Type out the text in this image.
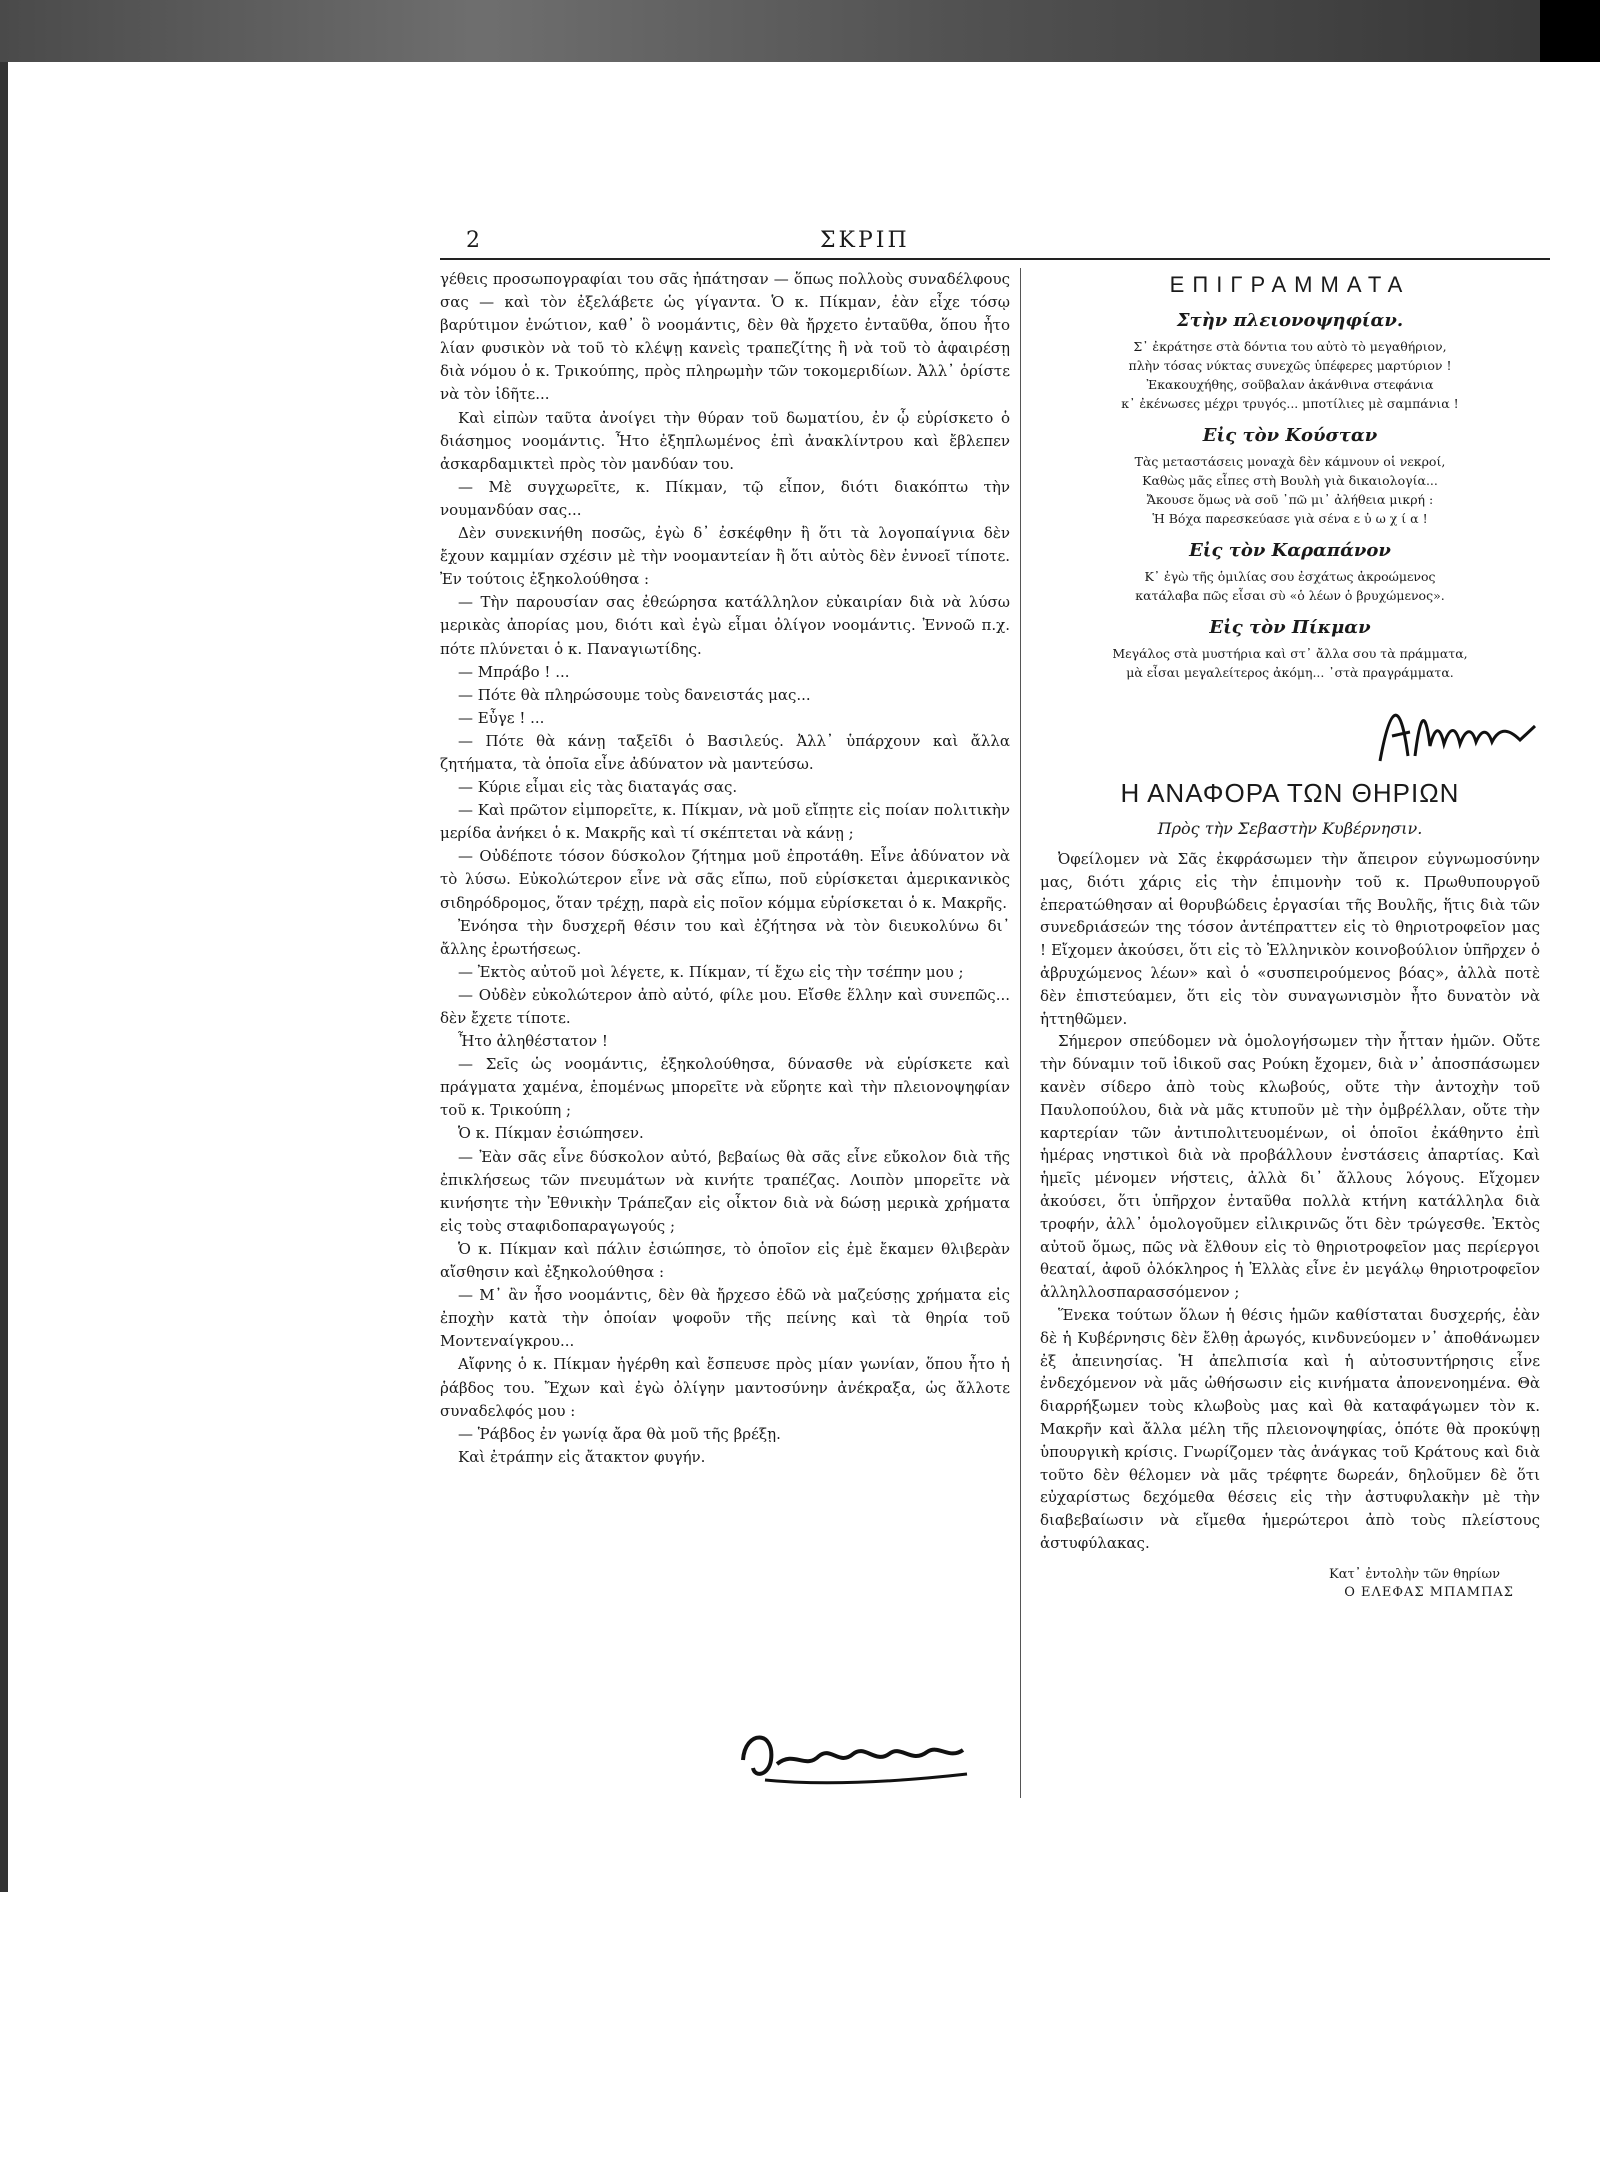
2	ΣΚΡΙΠ

γέθεις προσωπογραφίαι του σᾶς ἠπάτησαν — ὅπως πολλοὺς συναδέλφους σας — καὶ τὸν ἐξελάβετε ὡς γίγαντα. Ὁ κ. Πίκμαν, ἐὰν εἶχε τόσῳ βαρύτιμον ἐνώτιον, καθ᾿ ὃ νοομάντις, δὲν θὰ ἤρχετο ἐνταῦθα, ὅπου ἦτο λίαν φυσικὸν νὰ τοῦ τὸ κλέψῃ κανεὶς τραπεζίτης ἢ νὰ τοῦ τὸ ἀφαιρέσῃ διὰ νόμου ὁ κ. Τρικούπης, πρὸς πληρωμὴν τῶν τοκομεριδίων. Ἀλλ᾿ ὁρίστε νὰ τὸν ἰδῆτε...

Καὶ εἰπὼν ταῦτα ἀνοίγει τὴν θύραν τοῦ δωματίου, ἐν ᾧ εὑρίσκετο ὁ διάσημος νοομάντις. Ἦτο ἐξηπλωμένος ἐπὶ ἀνακλίντρου καὶ ἔβλεπεν ἀσκαρδαμικτεὶ πρὸς τὸν μανδύαν του.

— Μὲ συγχωρεῖτε, κ. Πίκμαν, τῷ εἶπον, διότι διακόπτω τὴν νουμανδύαν σας...

Δὲν συνεκινήθη ποσῶς, ἐγὼ δ᾿ ἐσκέφθην ἢ ὅτι τὰ λογοπαίγνια δὲν ἔχουν καμμίαν σχέσιν μὲ τὴν νοομαντείαν ἢ ὅτι αὐτὸς δὲν ἐννοεῖ τίποτε. Ἐν τούτοις ἐξηκολούθησα :

— Τὴν παρουσίαν σας ἐθεώρησα κατάλληλον εὐκαιρίαν διὰ νὰ λύσω μερικὰς ἀπορίας μου, διότι καὶ ἐγὼ εἶμαι ὀλίγον νοομάντις. Ἐννοῶ π.χ. πότε πλύνεται ὁ κ. Παναγιωτίδης.

— Μπράβο ! ...

— Πότε θὰ πληρώσουμε τοὺς δανειστάς μας...

— Εὖγε ! ...

— Πότε θὰ κάνῃ ταξεῖδι ὁ Βασιλεύς. Ἀλλ᾿ ὑπάρχουν καὶ ἄλλα ζητήματα, τὰ ὁποῖα εἶνε ἀδύνατον νὰ μαντεύσω.

— Κύριε εἶμαι εἰς τὰς διαταγάς σας.

— Καὶ πρῶτον εἰμπορεῖτε, κ. Πίκμαν, νὰ μοῦ εἴπῃτε εἰς ποίαν πολιτικὴν μερίδα ἀνήκει ὁ κ. Μακρῆς καὶ τί σκέπτεται νὰ κάνῃ ;

— Οὐδέποτε τόσον δύσκολον ζήτημα μοῦ ἐπροτάθη. Εἶνε ἀδύνατον νὰ τὸ λύσω. Εὐκολώτερον εἶνε νὰ σᾶς εἴπω, ποῦ εὑρίσκεται ἀμερικανικὸς σιδηρόδρομος, ὅταν τρέχῃ, παρὰ εἰς ποῖον κόμμα εὑρίσκεται ὁ κ. Μακρῆς.

Ἐνόησα τὴν δυσχερῆ θέσιν του καὶ ἐζήτησα νὰ τὸν διευκολύνω δι᾿ ἄλλης ἐρωτήσεως.

— Ἐκτὸς αὐτοῦ μοὶ λέγετε, κ. Πίκμαν, τί ἔχω εἰς τὴν τσέπην μου ;

— Οὐδὲν εὐκολώτερον ἀπὸ αὐτό, φίλε μου. Εἴσθε ἕλλην καὶ συνεπῶς... δὲν ἔχετε τίποτε.

Ἦτο ἀληθέστατον !

— Σεῖς ὡς νοομάντις, ἐξηκολούθησα, δύνασθε νὰ εὑρίσκετε καὶ πράγματα χαμένα, ἑπομένως μπορεῖτε νὰ εὕρητε καὶ τὴν πλειονοψηφίαν τοῦ κ. Τρικούπη ;

Ὁ κ. Πίκμαν ἐσιώπησεν.

— Ἐὰν σᾶς εἶνε δύσκολον αὐτό, βεβαίως θὰ σᾶς εἶνε εὔκολον διὰ τῆς ἐπικλήσεως τῶν πνευμάτων νὰ κινήτε τραπέζας. Λοιπὸν μπορεῖτε νὰ κινήσητε τὴν Ἐθνικὴν Τράπεζαν εἰς οἶκτον διὰ νὰ δώσῃ μερικὰ χρήματα εἰς τοὺς σταφιδοπαραγωγούς ;

Ὁ κ. Πίκμαν καὶ πάλιν ἐσιώπησε, τὸ ὁποῖον εἰς ἐμὲ ἔκαμεν θλιβερὰν αἴσθησιν καὶ ἐξηκολούθησα :

— Μ᾿ ἂν ἦσο νοομάντις, δὲν θὰ ἤρχεσο ἐδῶ νὰ μαζεύσῃς χρήματα εἰς ἐποχὴν κατὰ τὴν ὁποίαν ψοφοῦν τῆς πείνης καὶ τὰ θηρία τοῦ Μοντεναίγκρου...

Αἴφνης ὁ κ. Πίκμαν ἠγέρθη καὶ ἔσπευσε πρὸς μίαν γωνίαν, ὅπου ἦτο ἡ ῥάβδος του. Ἔχων καὶ ἐγὼ ὀλίγην μαντοσύνην ἀνέκραξα, ὡς ἄλλοτε συναδελφός μου :

— Ῥάβδος ἐν γωνίᾳ ἄρα θὰ μοῦ τῆς βρέξῃ.

Καὶ ἐτράπην εἰς ἄτακτον φυγήν.

ΕΠΙΓΡΑΜΜΑΤΑ
Στὴν πλειονοψηφίαν.
Σ᾿ ἐκράτησε στὰ δόντια του αὐτὸ τὸ μεγαθήριον,
πλὴν τόσας νύκτας συνεχῶς ὑπέφερες μαρτύριον !
Ἐκακουχήθης, σοῦβαλαν ἀκάνθινα στεφάνια
κ᾿ ἐκένωσες μέχρι τρυγός... μποτίλιες μὲ σαμπάνια !
Εἰς τὸν Κούσταν
Τὰς μεταστάσεις μοναχὰ δὲν κάμνουν οἱ νεκροί,
Καθὼς μᾶς εἶπες στὴ Βουλὴ γιὰ δικαιολογία...
Ἄκουσε ὅμως νὰ σοῦ ᾿πῶ μι᾿ ἀλήθεια μικρή :
Ἡ Βόχα παρεσκεύασε γιὰ σένα ε ὐ ω χ ί α !
Εἰς τὸν Καραπάνον
Κ᾿ ἐγὼ τῆς ὁμιλίας σου ἐσχάτως ἀκροώμενος
κατάλαβα πῶς εἶσαι σὺ «ὁ λέων ὁ βρυχώμενος».
Εἰς τὸν Πίκμαν
Μεγάλος στὰ μυστήρια καὶ στ᾿ ἄλλα σου τὰ πράμματα,
μὰ εἶσαι μεγαλείτερος ἀκόμη... ᾿στὰ πραγράμματα.
Η ΑΝΑΦΟΡΑ ΤΩΝ ΘΗΡΙΩΝ
Πρὸς τὴν Σεβαστὴν Κυβέρνησιν.

Ὀφείλομεν νὰ Σᾶς ἐκφράσωμεν τὴν ἄπειρον εὐγνωμοσύνην μας, διότι χάρις εἰς τὴν ἐπιμονὴν τοῦ κ. Πρωθυπουργοῦ ἐπερατώθησαν αἱ θορυβώδεις ἐργασίαι τῆς Βουλῆς, ἥτις διὰ τῶν συνεδριάσεών της τόσον ἀντέπραττεν εἰς τὸ θηριοτροφεῖον μας ! Εἴχομεν ἀκούσει, ὅτι εἰς τὸ Ἑλληνικὸν κοινοβούλιον ὑπῆρχεν ὁ ἀβρυχώμενος λέων» καὶ ὁ «συσπειρούμενος βόας», ἀλλὰ ποτὲ δὲν ἐπιστεύαμεν, ὅτι εἰς τὸν συναγωνισμὸν ἦτο δυνατὸν νὰ ἡττηθῶμεν.

Σήμερον σπεύδομεν νὰ ὁμολογήσωμεν τὴν ἧτταν ἡμῶν. Οὔτε τὴν δύναμιν τοῦ ἰδικοῦ σας Ρούκη ἔχομεν, διὰ ν᾿ ἀποσπάσωμεν κανὲν σίδερο ἀπὸ τοὺς κλωβούς, οὔτε τὴν ἀντοχὴν τοῦ Παυλοπούλου, διὰ νὰ μᾶς κτυποῦν μὲ τὴν ὀμβρέλλαν, οὔτε τὴν καρτερίαν τῶν ἀντιπολιτευομένων, οἱ ὁποῖοι ἐκάθηντο ἐπὶ ἡμέρας νηστικοὶ διὰ νὰ προβάλλουν ἐνστάσεις ἀπαρτίας. Καὶ ἡμεῖς μένομεν νήστεις, ἀλλὰ δι᾿ ἄλλους λόγους. Εἴχομεν ἀκούσει, ὅτι ὑπῆρχον ἐνταῦθα πολλὰ κτήνη κατάλληλα διὰ τροφήν, ἀλλ᾿ ὁμολογοῦμεν εἰλικρινῶς ὅτι δὲν τρώγεσθε. Ἐκτὸς αὐτοῦ ὅμως, πῶς νὰ ἔλθουν εἰς τὸ θηριοτροφεῖον μας περίεργοι θεαταί, ἀφοῦ ὁλόκληρος ἡ Ἑλλὰς εἶνε ἐν μεγάλῳ θηριοτροφεῖον ἀλληλλοσπαρασσόμενον ;

Ἕνεκα τούτων ὅλων ἡ θέσις ἡμῶν καθίσταται δυσχερής, ἐὰν δὲ ἡ Κυβέρνησις δὲν ἔλθῃ ἀρωγός, κινδυνεύομεν ν᾿ ἀποθάνωμεν ἐξ ἀπεινησίας. Ἡ ἀπελπισία καὶ ἡ αὐτοσυντήρησις εἶνε ἐνδεχόμενον νὰ μᾶς ὠθήσωσιν εἰς κινήματα ἀπονενοημένα. Θὰ διαρρήξωμεν τοὺς κλωβοὺς μας καὶ θὰ καταφάγωμεν τὸν κ. Μακρῆν καὶ ἄλλα μέλη τῆς πλειονοψηφίας, ὁπότε θὰ προκύψῃ ὑπουργικὴ κρίσις. Γνωρίζομεν τὰς ἀνάγκας τοῦ Κράτους καὶ διὰ τοῦτο δὲν θέλομεν νὰ μᾶς τρέφητε δωρεάν, δηλοῦμεν δὲ ὅτι εὐχαρίστως δεχόμεθα θέσεις εἰς τὴν ἀστυφυλακὴν μὲ τὴν διαβεβαίωσιν νὰ εἴμεθα ἡμερώτεροι ἀπὸ τοὺς πλείστους ἀστυφύλακας.

Κατ᾿ ἐντολὴν τῶν θηρίων
Ο ΕΛΕΦΑΣ ΜΠΑΜΠΑΣ
